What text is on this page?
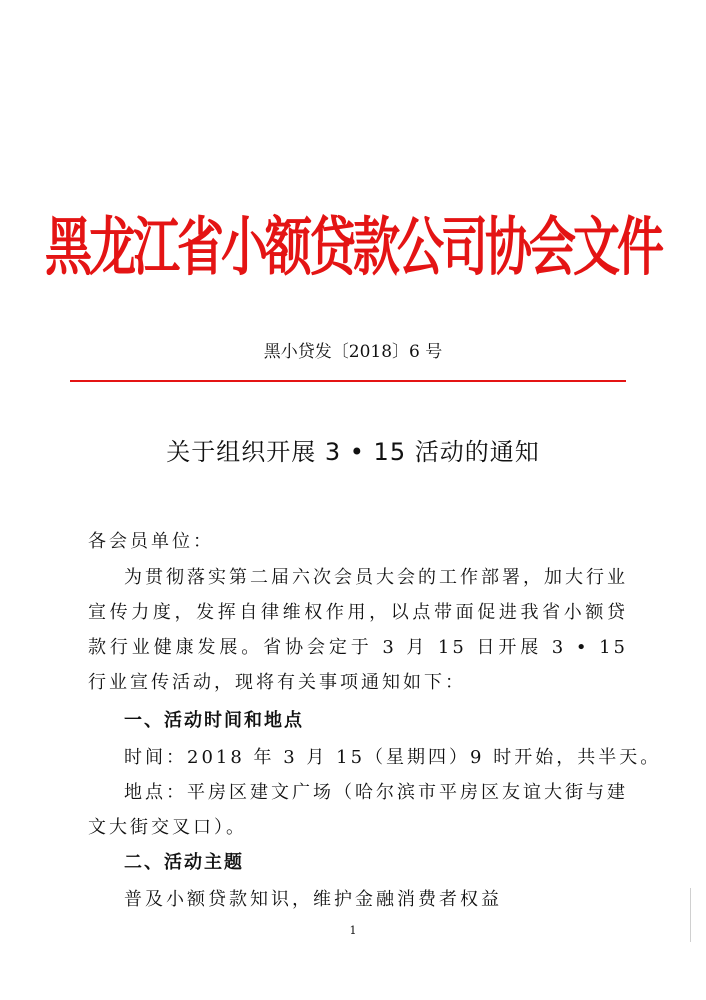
黑龙江省小额贷款公司协会文件
黑小贷发〔2018〕6 号
关于组织开展 3 • 15 活动的通知
各会员单位：
为贯彻落实第二届六次会员大会的工作部署，加大行业宣传力度，发挥自律维权作用，以点带面促进我省小额贷款行业健康发展。省协会定于 3 月 15 日开展 3 • 15 行业宣传活动，现将有关事项通知如下：
一、活动时间和地点
时间：2018 年 3 月 15（星期四）9 时开始，共半天。
地点：平房区建文广场（哈尔滨市平房区友谊大街与建文大街交叉口）。
二、活动主题
普及小额贷款知识，维护金融消费者权益
1
